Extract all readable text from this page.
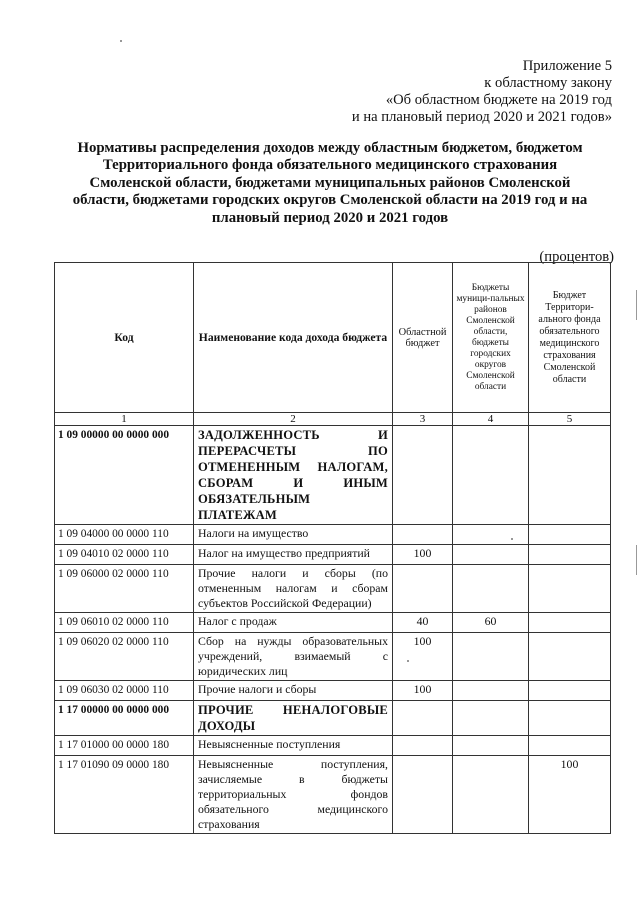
Приложение 5
к областному закону
«Об областном бюджете на 2019 год
и на плановый период 2020 и 2021 годов»
Нормативы распределения доходов между областным бюджетом, бюджетом
Территориального фонда обязательного медицинского страхования
Смоленской области, бюджетами муниципальных районов Смоленской
области, бюджетами городских округов Смоленской области на 2019 год и на
плановый период 2020 и 2021 годов
(процентов)
Код	Наименование кода дохода бюджета	Областной бюджет	Бюджеты муници-пальных районов Смоленской области, бюджеты городских округов Смоленской области	Бюджет Территори-ального фонда обязательного медицинского страхования Смоленской области
1	2	3	4	5
1 09 00000 00 0000 000	ЗАДОЛЖЕННОСТЬ И ПЕРЕРАСЧЕТЫ ПО ОТМЕНЕННЫМ НАЛОГАМ, СБОРАМ И ИНЫМ ОБЯЗАТЕЛЬНЫМ ПЛАТЕЖАМ			
1 09 04000 00 0000 110	Налоги на имущество			
1 09 04010 02 0000 110	Налог на имущество предприятий	100		
1 09 06000 02 0000 110	Прочие налоги и сборы (по отмененным налогам и сборам субъектов Российской Федерации)			
1 09 06010 02 0000 110	Налог с продаж	40	60	
1 09 06020 02 0000 110	Сбор на нужды образовательных учреждений, взимаемый с юридических лиц	100		
1 09 06030 02 0000 110	Прочие налоги и сборы	100		
1 17 00000 00 0000 000	ПРОЧИЕ НЕНАЛОГОВЫЕ ДОХОДЫ			
1 17 01000 00 0000 180	Невыясненные поступления			
1 17 01090 09 0000 180	Невыясненные поступления, зачисляемые в бюджеты территориальных фондов обязательного медицинского страхования			100
